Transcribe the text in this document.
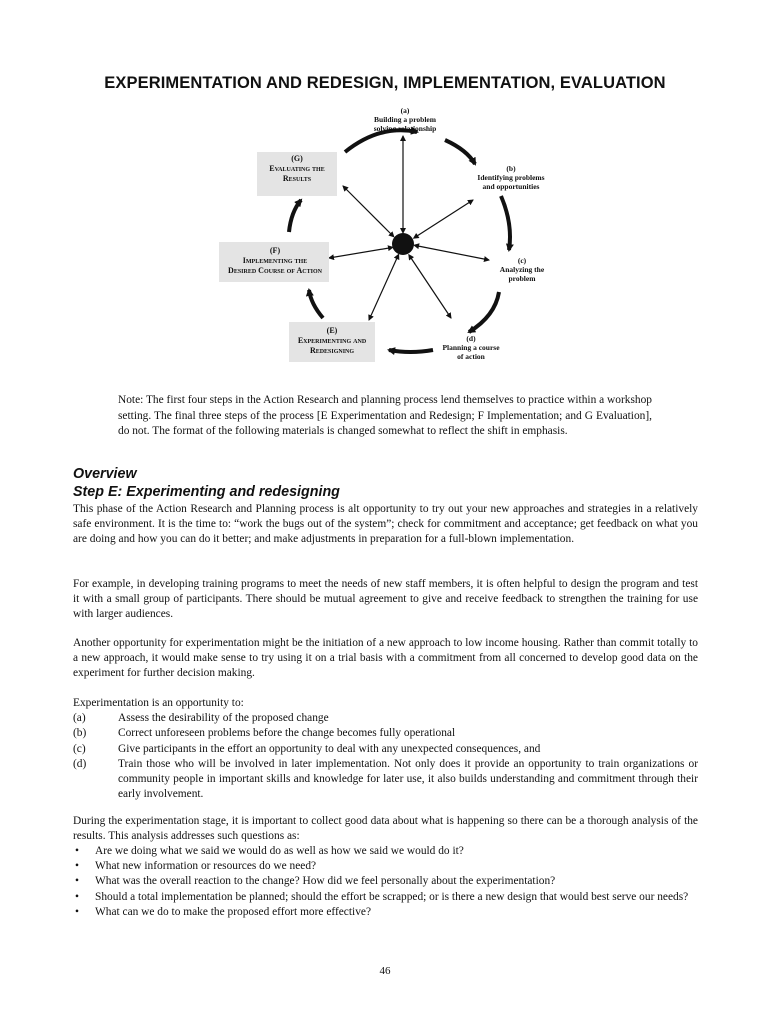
EXPERIMENTATION AND REDESIGN, IMPLEMENTATION, EVALUATION
(a)
Building a problem
solving relationship
(b)
Identifying problems
and opportunities
(c)
Analyzing the
problem
(d)
Planning a course
of action
(E)
Experimenting and
Redesigning
(F)
Implementing the
Desired Course of Action
(G)
Evaluating the
Results
Note: The first four steps in the Action Research and planning process lend themselves to practice within a workshop setting. The final three steps of the process [E Experimentation and Redesign; F Implementation; and G Evaluation], do not. The format of the following materials is changed somewhat to reflect the shift in emphasis.
Overview
Step E: Experimenting and redesigning

This phase of the Action Research and Planning process is alt opportunity to try out your new approaches and strategies in a relatively safe environment. It is the time to: “work the bugs out of the system”; check for commitment and acceptance; get feedback on what you are doing and how you can do it better; and make adjustments in preparation for a full-blown implementation.

For example, in developing training programs to meet the needs of new staff members, it is often helpful to design the program and test it with a small group of participants. There should be mutual agreement to give and receive feedback to strengthen the training for use with larger audiences.

Another opportunity for experimentation might be the initiation of a new approach to low income housing. Rather than commit totally to a new approach, it would make sense to try using it on a trial basis with a commitment from all concerned to develop good data on the experiment for further decision making.

Experimentation is an opportunity to:
(a)	Assess the desirability of the proposed change
(b)	Correct unforeseen problems before the change becomes fully operational
(c)	Give participants in the effort an opportunity to deal with any unexpected consequences, and
(d)	Train those who will be involved in later implementation. Not only does it provide an opportunity to train organizations or community people in important skills and knowledge for later use, it also builds understanding and commitment through their early involvement.

During the experimentation stage, it is important to collect good data about what is happening so there can be a thorough analysis of the results. This analysis addresses such questions as:

• Are we doing what we said we would do as well as how we said we would do it?
• What new information or resources do we need?
• What was the overall reaction to the change? How did we feel personally about the experimentation?
• Should a total implementation be planned; should the effort be scrapped; or is there a new design that would best serve our needs?
• What can we do to make the proposed effort more effective?
46
